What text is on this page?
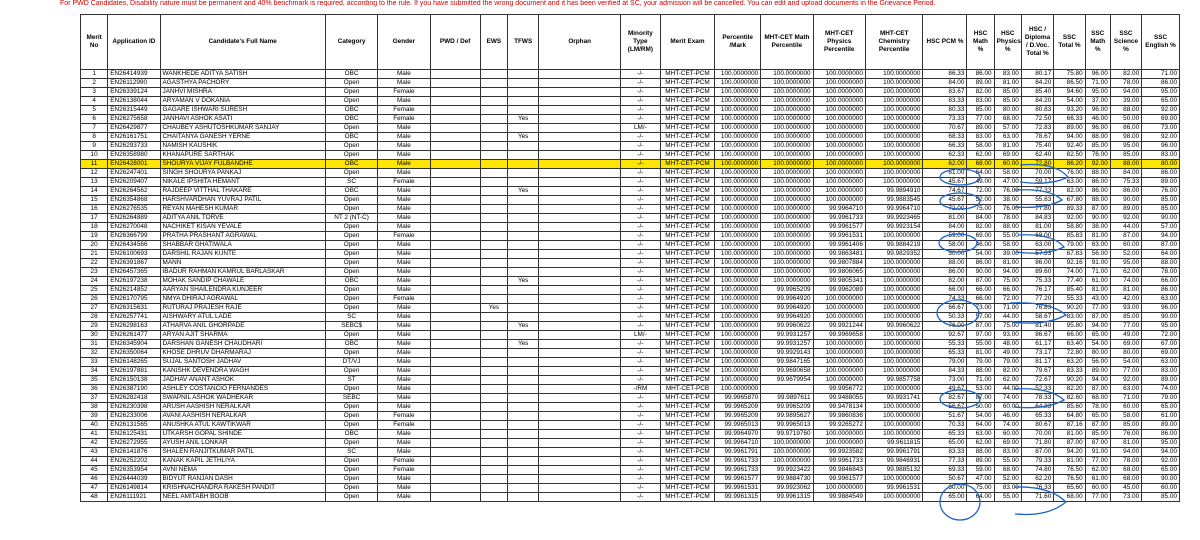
For PWD Candidates, Disability nature must be permanent and 40% benchmark is required, according to the rule. If you have submitted the wrong document and it has been verified at SC, your admission will be cancelled. You can edit and upload documents in the Grievance Period.
Merit No	Application ID	Candidate's Full Name	Category	Gender	PWD / Def	EWS	TFWS	Orphan	Minority Type (LM/RM)	Merit Exam	Percentile /Mark	MHT-CET Math Percentile	MHT-CET Physics Percentile	MHT-CET Chemistry Percentile	HSC PCM %	HSC Math %	HSC Physics %	HSC / Diploma / D.Voc. Total %	SSC Total %	SSC Math %	SSC Science %	SSC English %
1	EN26414939	WANKHEDE ADITYA SATISH	OBC	Male					-/-	MHT-CET-PCM	100.0000000	100.0000000	100.0000000	100.0000000	86.33	86.00	83.00	80.17	75.80	96.00	82.00	71.00
2	EN26112990	AGASTHYA PACHORY	Open	Male					-/-	MHT-CET-PCM	100.0000000	100.0000000	100.0000000	100.0000000	84.00	89.00	81.00	84.20	86.50	71.00	78.00	86.00
3	EN26339124	JANHVI MISHRA	Open	Female					-/-	MHT-CET-PCM	100.0000000	100.0000000	100.0000000	100.0000000	83.67	82.00	85.00	85.40	94.60	95.00	94.00	95.00
4	EN26138044	ARYAMAN V DOKANIA	Open	Male					-/-	MHT-CET-PCM	100.0000000	100.0000000	100.0000000	100.0000000	83.33	83.00	85.00	84.20	54.00	37.00	39.00	65.00
5	EN26315449	GAGARE ISHWARI SURESH	OBC	Female					-/-	MHT-CET-PCM	100.0000000	100.0000000	100.0000000	100.0000000	80.33	85.00	80.00	80.83	93.20	96.00	88.00	92.00
6	EN26275658	JANHAVI ASHOK ASATI	OBC	Female			Yes		-/-	MHT-CET-PCM	100.0000000	100.0000000	100.0000000	100.0000000	73.33	77.00	68.00	72.50	66.33	46.00	50.00	69.00
7	EN26429877	CHAUBEY ASHUTOSHKUMAR SANJAY	Open	Male					LM/-	MHT-CET-PCM	100.0000000	100.0000000	100.0000000	100.0000000	70.67	89.00	57.00	72.83	89.00	96.00	86.00	73.00
8	EN26161751	CHAITANYA GANESH YERNE	OBC	Male			Yes		-/-	MHT-CET-PCM	100.0000000	100.0000000	100.0000000	100.0000000	68.33	83.00	63.00	78.67	94.00	88.00	98.00	92.00
9	EN26293733	NAMISH KAUSHIK	Open	Male					-/-	MHT-CET-PCM	100.0000000	100.0000000	100.0000000	100.0000000	66.33	58.00	81.00	75.40	92.40	85.00	95.00	96.00
10	EN26358980	KHANAPURE SARTHAK	Open	Male					-/-	MHT-CET-PCM	100.0000000	100.0000000	100.0000000	100.0000000	62.33	62.00	69.00	62.40	82.50	76.00	85.00	83.00
11	EN26428001	SHOURYA VIJAY FULBANDHE	OBC	Male					-/-	MHT-CET-PCM	100.0000000	100.0000000	100.0000000	100.0000000	62.00	68.00	60.00	72.80	86.20	92.00	88.00	80.00
12	EN26247401	SINGH SHOURYA PANKAJ	Open	Male					-/-	MHT-CET-PCM	100.0000000	100.0000000	100.0000000	100.0000000	61.00	64.00	58.00	70.00	76.00	88.00	84.00	86.00
13	EN26209407	NIKALE IPSHITA HEMANT	SC	Female					-/-	MHT-CET-PCM	100.0000000	100.0000000	100.0000000	100.0000000	45.67	49.00	47.00	59.17	63.00	86.00	75.33	89.00
14	EN26264562	RAJDEEP VITTHAL THAKARE	OBC	Male			Yes		-/-	MHT-CET-PCM	100.0000000	100.0000000	100.0000000	99.9894910	74.67	72.00	76.00	77.33	82.00	86.00	86.00	76.00
15	EN26354868	HARSHVARDHAN YUVRAJ PATIL	Open	Male					-/-	MHT-CET-PCM	100.0000000	100.0000000	100.0000000	99.9883545	45.67	52.00	38.00	55.83	67.80	88.00	90.00	85.00
16	EN26276535	REYAN MAHESH KUMAR	Open	Male					-/-	MHT-CET-PCM	100.0000000	100.0000000	99.9964710	99.9964710	72.00	75.00	76.00	77.80	89.33	87.00	89.00	85.00
17	EN26264889	ADITYA ANIL TORVE	NT 2 (NT-C)	Male					-/-	MHT-CET-PCM	100.0000000	100.0000000	99.9961733	99.9923465	81.00	84.00	78.00	84.83	92.00	90.00	92.00	90.00
18	EN26270048	NACHIKET KISAN YEVALE	Open	Male					-/-	MHT-CET-PCM	100.0000000	100.0000000	99.9961577	99.9923154	84.00	82.00	88.00	81.00	58.80	38.00	44.00	57.00
19	EN26366799	PRATHA PRASHANT AGRAWAL	Open	Female					-/-	MHT-CET-PCM	100.0000000	100.0000000	99.9961531	100.0000000	59.00	69.00	55.00	68.00	85.83	81.00	87.00	94.00
20	EN26434566	SHABBAR GHATIWALA	Open	Male					-/-	MHT-CET-PCM	100.0000000	100.0000000	99.9961406	99.9884219	58.00	46.00	58.00	63.00	79.00	63.00	60.00	87.00
21	EN26100693	DARSHIL RAJAN KUNTE	Open	Male					-/-	MHT-CET-PCM	100.0000000	100.0000000	99.9863481	99.9829352	50.00	54.00	39.00	57.33	67.83	56.00	52.00	64.00
22	EN26391867	MANN	Open	Male					-/-	MHT-CET-PCM	100.0000000	100.0000000	99.9807884	100.0000000	88.00	86.00	81.00	86.00	92.16	91.00	95.00	88.00
23	EN26457365	IBADUR RAHMAN KAMRUL BARLASKAR	Open	Male					-/-	MHT-CET-PCM	100.0000000	100.0000000	99.9806065	100.0000000	86.00	90.00	94.00	89.60	74.00	71.00	62.00	78.00
24	EN26197238	MOHAK SANDIP CHAWALE	OBC	Male			Yes		-/-	MHT-CET-PCM	100.0000000	100.0000000	99.9805341	100.0000000	82.00	87.00	75.00	75.33	77.40	61.00	74.00	66.00
25	EN26214852	AARYAN SHAILENDRA KUNJEER	Open	Male					-/-	MHT-CET-PCM	100.0000000	99.9965209	99.9962089	100.0000000	66.00	66.00	66.00	76.17	85.40	81.00	81.00	86.00
26	EN26170795	NMYA DHIRAJ AGRAWAL	Open	Female					-/-	MHT-CET-PCM	100.0000000	99.9964920	100.0000000	100.0000000	74.33	66.00	72.00	77.20	55.33	43.00	42.00	63.00
27	EN26315631	RUTURAJ PRAJESH RAJE	Open	Male		Yes			-/-	MHT-CET-PCM	100.0000000	99.9964920	100.0000000	100.0000000	66.67	73.00	71.00	76.83	90.20	77.00	93.00	96.00
28	EN26257741	AISHWARY ATUL LADE	SC	Male					-/-	MHT-CET-PCM	100.0000000	99.9964920	100.0000000	100.0000000	50.33	57.00	44.00	58.67	83.00	87.00	85.00	90.00
29	EN26298163	ATHARVA ANIL GHORPADE	SEBC$	Male			Yes		-/-	MHT-CET-PCM	100.0000000	99.9960622	99.9921244	99.9960622	76.00	87.00	75.00	81.40	95.80	94.00	77.00	95.00
30	EN26261477	ARYAN AJIT SHARMA	Open	Male					LM/-	MHT-CET-PCM	100.0000000	99.9931257	99.9969658	100.0000000	92.67	97.00	93.00	86.67	66.00	65.00	49.00	72.00
31	EN26345904	DARSHAN GANESH CHAUDHARI	OBC	Male			Yes		-/-	MHT-CET-PCM	100.0000000	99.9931257	100.0000000	100.0000000	55.33	55.00	48.00	61.17	63.40	54.00	69.00	67.00
32	EN26350064	KHOSE DHRUV DHARMARAJ	Open	Male					-/-	MHT-CET-PCM	100.0000000	99.9929143	100.0000000	100.0000000	65.33	81.00	49.00	73.17	72.80	80.00	80.00	69.00
33	EN26148265	SUJAL SANTOSH JADHAV	DT/VJ	Male					-/-	MHT-CET-PCM	100.0000000	99.9847165	100.0000000	100.0000000	79.00	79.00	79.00	81.17	63.20	56.00	54.00	63.00
34	EN26197881	KANISHK DEVENDRA WAGH	Open	Male					-/-	MHT-CET-PCM	100.0000000	99.9690658	100.0000000	100.0000000	84.33	88.00	82.00	79.67	83.33	89.00	77.00	83.00
35	EN26150138	JADHAV ANANT ASHOK	ST	Male					-/-	MHT-CET-PCM	100.0000000	99.9679954	100.0000000	99.9857758	73.00	71.00	62.00	72.67	90.20	94.00	92.00	89.00
36	EN26387190	ASHLEY COSTANCIO FERNANDES	Open	Male					-/RM	MHT-CET-PCB	100.0000000		99.9956772	100.0000000	49.67	53.00	44.00	52.33	82.20	87.00	63.00	74.00
37	EN26282418	SWAPNIL ASHOK WADHEKAR	SEBC	Male					-/-	MHT-CET-PCM	99.9965870	99.9897611	99.9488055	99.9931741	82.67	87.00	74.00	78.33	82.60	68.00	71.00	79.00
38	EN26230398	ARUSH AASHISH NERALKAR	Open	Male					-/-	MHT-CET-PCM	99.9965209	99.9965209	99.9478134	100.0000000	56.67	50.00	60.00	64.83	85.60	78.00	60.00	65.00
39	EN26233006	AVANI AASHISH NERALKAR	Open	Female					-/-	MHT-CET-PCM	99.9965209	99.9895627	99.9860836	100.0000000	51.67	54.00	46.00	65.33	64.80	65.00	58.00	61.00
40	EN26131565	ANUSHKA ATUL KAWTIKWAR	Open	Female					-/-	MHT-CET-PCM	99.9965013	99.9965013	99.9265272	100.0000000	70.33	64.00	74.00	80.67	87.16	87.00	85.00	89.00
41	EN26125431	UTKARSH GOPAL SHINDE	OBC	Male					-/-	MHT-CET-PCM	99.9964970	99.9719760	100.0000000	100.0000000	65.33	63.00	60.00	70.00	81.00	85.00	76.00	86.00
42	EN26272955	AYUSH ANIL LONKAR	Open	Male					-/-	MHT-CET-PCM	99.9964710	100.0000000	100.0000000	99.9611815	65.00	62.00	69.00	71.80	87.00	87.00	81.00	95.00
43	EN26141876	SHALEN RANJITKUMAR PATIL	SC	Male					-/-	MHT-CET-PCM	99.9961791	100.0000000	99.9923582	99.9961791	83.33	88.00	83.00	87.00	94.20	91.00	94.00	94.00
44	EN26252202	KANAK KAPIL JETHLIYA	Open	Female					-/-	MHT-CET-PCM	99.9961733	100.0000000	99.9961733	99.9846931	77.33	89.00	55.00	79.33	81.00	77.00	78.00	92.00
45	EN26353954	AVNI NEMA	Open	Female					-/-	MHT-CET-PCM	99.9961733	99.9923422	99.9846843	99.9885132	69.33	59.00	68.00	74.80	76.50	62.00	68.00	65.00
46	EN26444039	BIDYUT RANJAN DASH	Open	Male					-/-	MHT-CET-PCM	99.9961577	99.9884730	99.9961577	100.0000000	50.67	47.00	52.00	62.20	76.50	61.00	68.00	90.00
47	EN26149814	KRISHNACHANDRA RAKESH PANDIT	Open	Male					-/-	MHT-CET-PCM	99.9961531	99.9923062	100.0000000	99.9961531	80.00	75.00	83.00	76.33	65.60	60.00	45.00	60.00
48	EN26111921	NEEL AMITABH BOOB	Open	Male					-/-	MHT-CET-PCM	99.9961315	99.9961315	99.9884549	100.0000000	65.00	64.00	55.00	71.60	68.00	77.00	73.00	85.00
